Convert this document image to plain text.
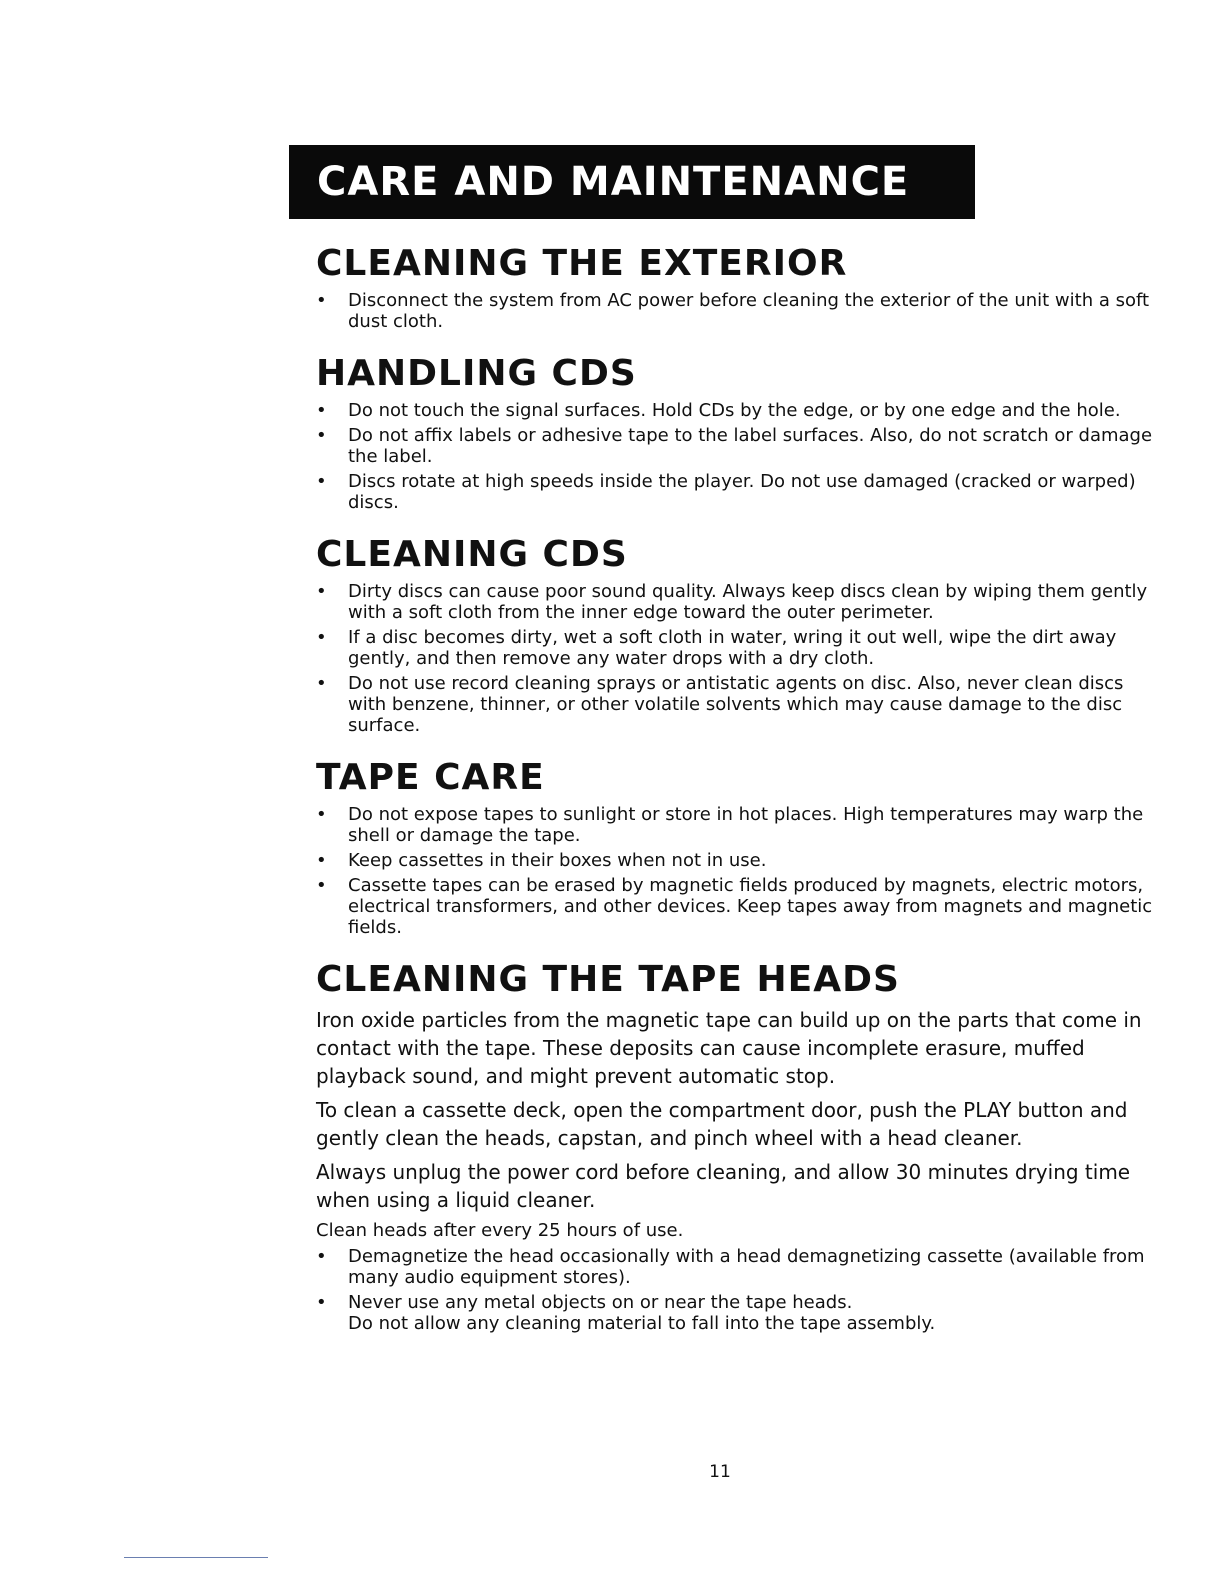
CARE AND MAINTENANCE
CLEANING THE EXTERIOR
• Disconnect the system from AC power before cleaning the exterior of the unit with a soft dust cloth.
HANDLING CDS
• Do not touch the signal surfaces. Hold CDs by the edge, or by one edge and the hole.
• Do not affix labels or adhesive tape to the label surfaces. Also, do not scratch or damage the label.
• Discs rotate at high speeds inside the player. Do not use damaged (cracked or warped) discs.
CLEANING CDS
• Dirty discs can cause poor sound quality. Always keep discs clean by wiping them gently with a soft cloth from the inner edge toward the outer perimeter.
• If a disc becomes dirty, wet a soft cloth in water, wring it out well, wipe the dirt away gently, and then remove any water drops with a dry cloth.
• Do not use record cleaning sprays or antistatic agents on disc. Also, never clean discs with benzene, thinner, or other volatile solvents which may cause damage to the disc surface.
TAPE CARE
• Do not expose tapes to sunlight or store in hot places. High temperatures may warp the shell or damage the tape.
• Keep cassettes in their boxes when not in use.
• Cassette tapes can be erased by magnetic fields produced by magnets, electric motors, electrical transformers, and other devices. Keep tapes away from magnets and magnetic fields.
CLEANING THE TAPE HEADS

Iron oxide particles from the magnetic tape can build up on the parts that come in contact with the tape. These deposits can cause incomplete erasure, muffed playback sound, and might prevent automatic stop.

To clean a cassette deck, open the compartment door, push the PLAY button and gently clean the heads, capstan, and pinch wheel with a head cleaner.

Always unplug the power cord before cleaning, and allow 30 minutes drying time when using a liquid cleaner.

Clean heads after every 25 hours of use.

• Demagnetize the head occasionally with a head demagnetizing cassette (available from many audio equipment stores).
• Never use any metal objects on or near the tape heads.
Do not allow any cleaning material to fall into the tape assembly.
11
